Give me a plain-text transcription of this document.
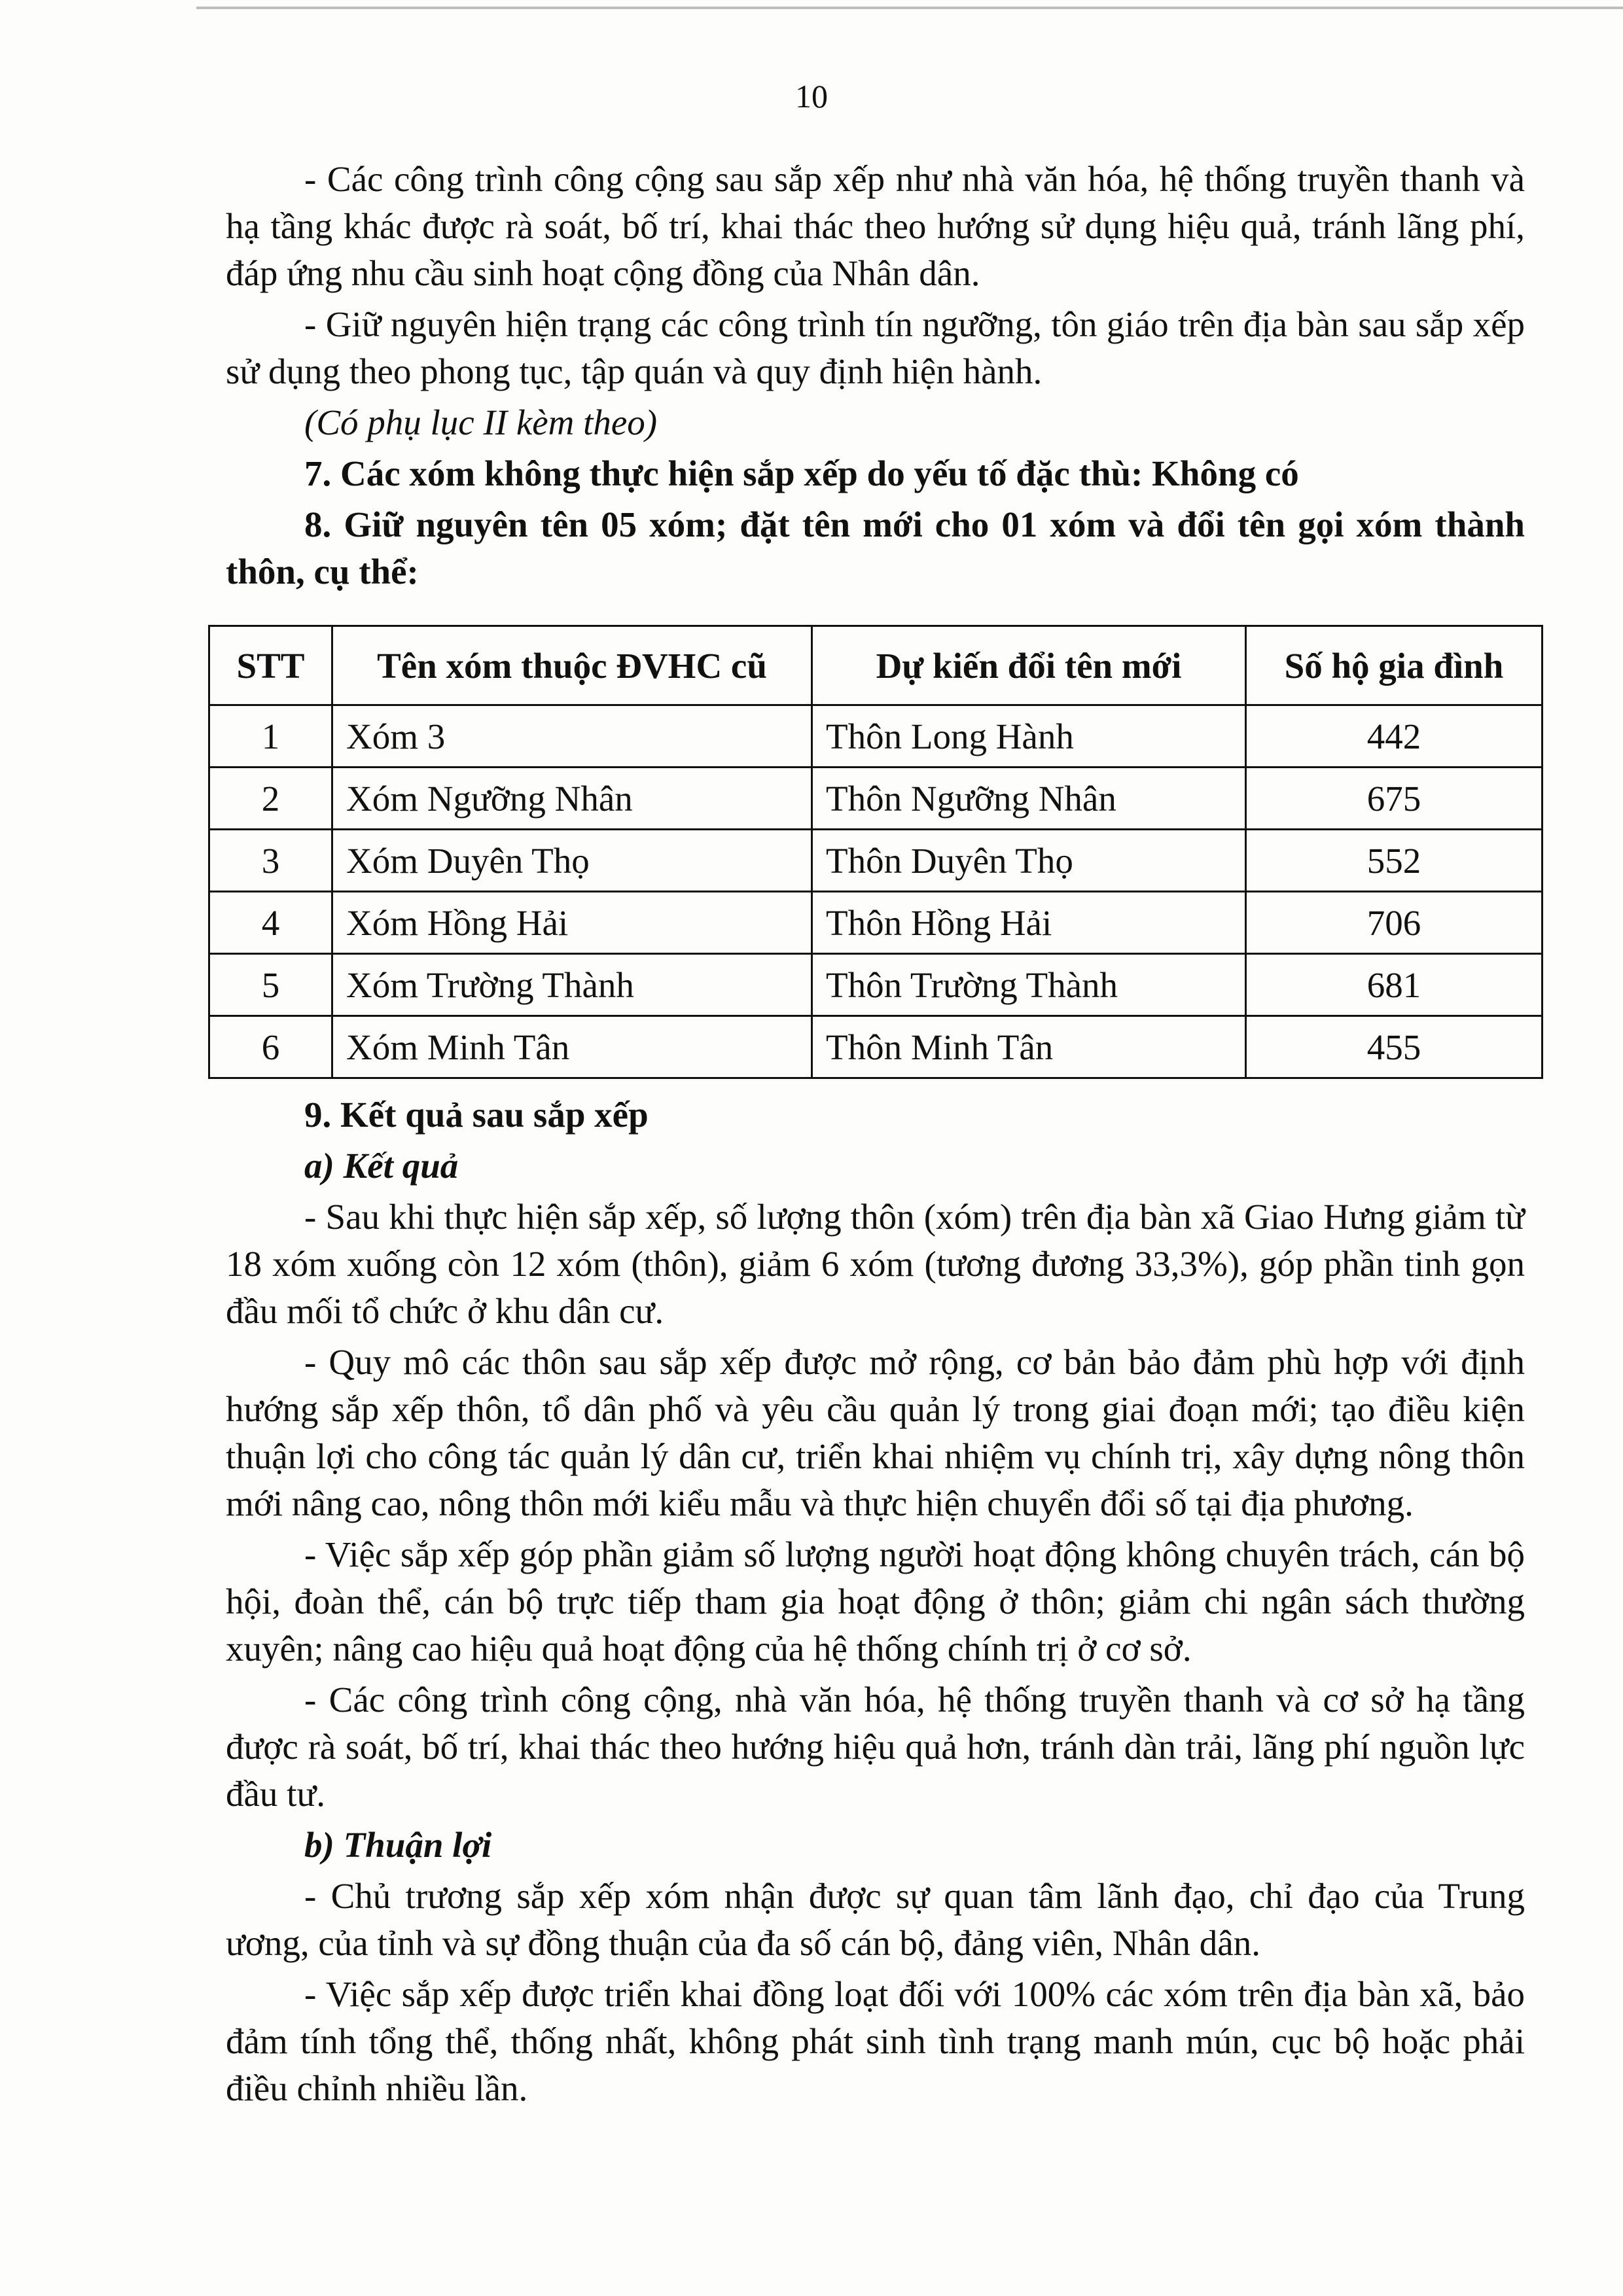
10

- Các công trình công cộng sau sắp xếp như nhà văn hóa, hệ thống truyền thanh và hạ tầng khác được rà soát, bố trí, khai thác theo hướng sử dụng hiệu quả, tránh lãng phí, đáp ứng nhu cầu sinh hoạt cộng đồng của Nhân dân.

- Giữ nguyên hiện trạng các công trình tín ngưỡng, tôn giáo trên địa bàn sau sắp xếp sử dụng theo phong tục, tập quán và quy định hiện hành.

(Có phụ lục II kèm theo)

7. Các xóm không thực hiện sắp xếp do yếu tố đặc thù: Không có

8. Giữ nguyên tên 05 xóm; đặt tên mới cho 01 xóm và đổi tên gọi xóm thành thôn, cụ thể:

STT	Tên xóm thuộc ĐVHC cũ	Dự kiến đổi tên mới	Số hộ gia đình
1	Xóm 3	Thôn Long Hành	442
2	Xóm Ngưỡng Nhân	Thôn Ngưỡng Nhân	675
3	Xóm Duyên Thọ	Thôn Duyên Thọ	552
4	Xóm Hồng Hải	Thôn Hồng Hải	706
5	Xóm Trường Thành	Thôn Trường Thành	681
6	Xóm Minh Tân	Thôn Minh Tân	455

9. Kết quả sau sắp xếp

a) Kết quả

- Sau khi thực hiện sắp xếp, số lượng thôn (xóm) trên địa bàn xã Giao Hưng giảm từ 18 xóm xuống còn 12 xóm (thôn), giảm 6 xóm (tương đương 33,3%), góp phần tinh gọn đầu mối tổ chức ở khu dân cư.

- Quy mô các thôn sau sắp xếp được mở rộng, cơ bản bảo đảm phù hợp với định hướng sắp xếp thôn, tổ dân phố và yêu cầu quản lý trong giai đoạn mới; tạo điều kiện thuận lợi cho công tác quản lý dân cư, triển khai nhiệm vụ chính trị, xây dựng nông thôn mới nâng cao, nông thôn mới kiểu mẫu và thực hiện chuyển đổi số tại địa phương.

- Việc sắp xếp góp phần giảm số lượng người hoạt động không chuyên trách, cán bộ hội, đoàn thể, cán bộ trực tiếp tham gia hoạt động ở thôn; giảm chi ngân sách thường xuyên; nâng cao hiệu quả hoạt động của hệ thống chính trị ở cơ sở.

- Các công trình công cộng, nhà văn hóa, hệ thống truyền thanh và cơ sở hạ tầng được rà soát, bố trí, khai thác theo hướng hiệu quả hơn, tránh dàn trải, lãng phí nguồn lực đầu tư.

b) Thuận lợi

- Chủ trương sắp xếp xóm nhận được sự quan tâm lãnh đạo, chỉ đạo của Trung ương, của tỉnh và sự đồng thuận của đa số cán bộ, đảng viên, Nhân dân.

- Việc sắp xếp được triển khai đồng loạt đối với 100% các xóm trên địa bàn xã, bảo đảm tính tổng thể, thống nhất, không phát sinh tình trạng manh mún, cục bộ hoặc phải điều chỉnh nhiều lần.
